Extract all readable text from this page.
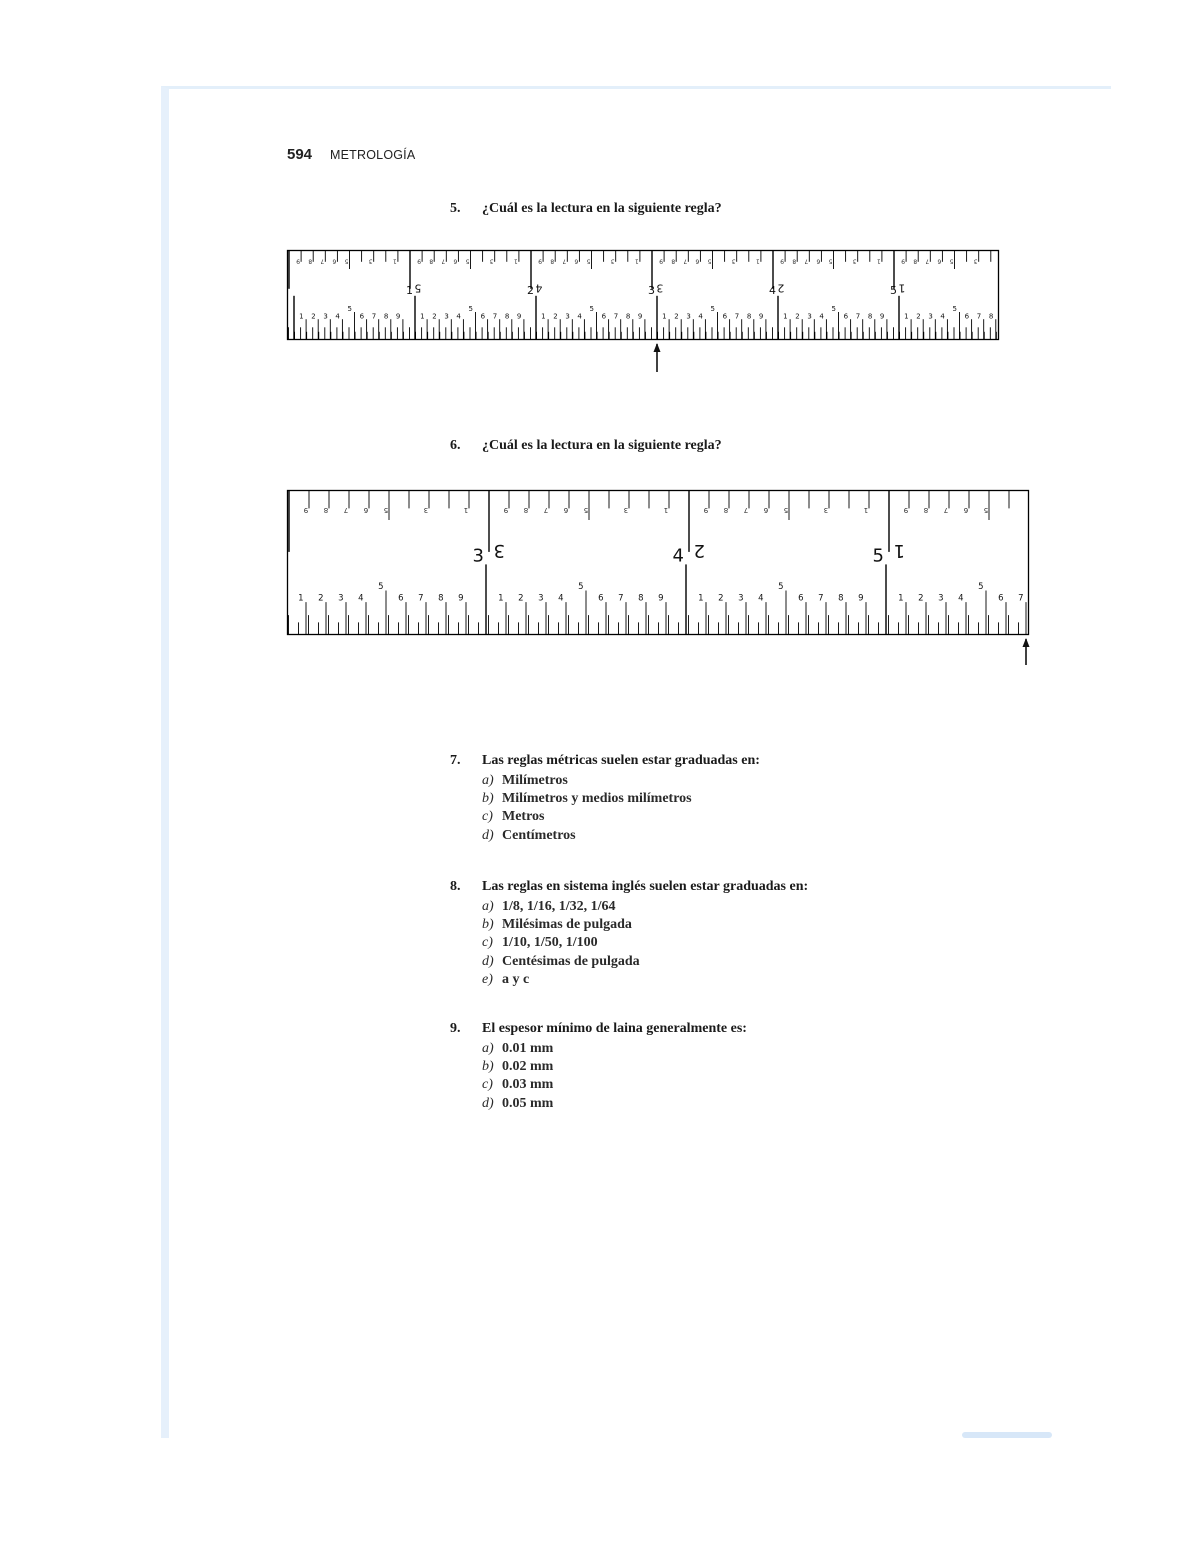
594 METROLOGÍA
5. ¿Cuál es la lectura en la siguiente regla?
1 2 3 4
5
6 7 8 9	1 2 3 4
5
6 7 8 9	1 2 3 4
5
6 7 8 9	1 2 3 4
5
6 7 8 9	1 2 3 4
5
6 7 8 9	1 2 3 4
5
6 7 8
1	2	3	4	5
9 8 7 6 5	3	1	9 8 7 6 5	3	1	9 8 7 6 5	3	1	9 8 7 6 5	3	1	9 8 7 6 5	3	1	9 8 7 6 5	3
5	4	3	2	1
6. ¿Cuál es la lectura en la siguiente regla?
1 2 3 4
5
6 7 8 9	1 2 3 4
5
6 7 8 9	1 2 3 4
5
6 7 8 9	1 2 3 4
5
6 7
3	4	5
9 8 7 6 5	3	1	9 8 7 6 5	3	1	9 8 7 6 5	3	1	9 8 7 6 5
3	2	1
7. Las reglas métricas suelen estar graduadas en:
a) Milímetros
b) Milímetros y medios milímetros
c) Metros
d) Centímetros
8. Las reglas en sistema inglés suelen estar graduadas en:
a) 1/8, 1/16, 1/32, 1/64
b) Milésimas de pulgada
c) 1/10, 1/50, 1/100
d) Centésimas de pulgada
e) a y c
9. El espesor mínimo de laina generalmente es:
a) 0.01 mm
b) 0.02 mm
c) 0.03 mm
d) 0.05 mm
